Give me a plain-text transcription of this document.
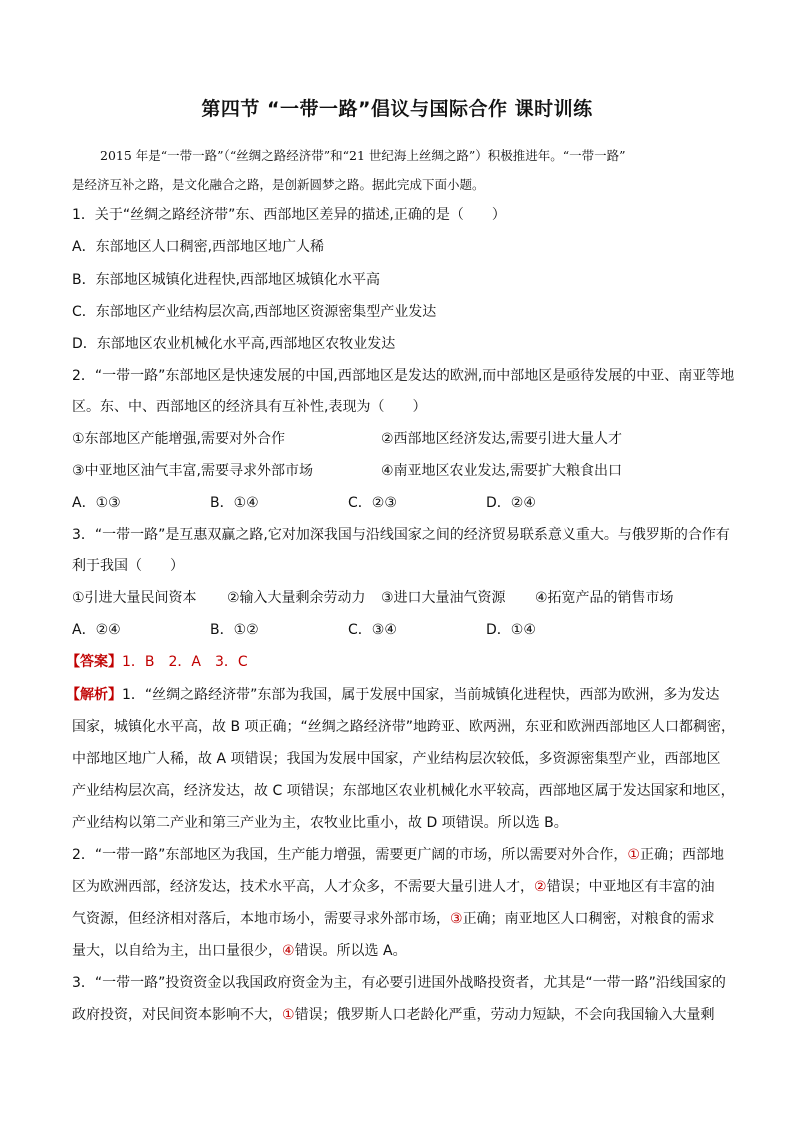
第四节 “一带一路”倡议与国际合作 课时训练
2015 年是“一带一路”（“丝绸之路经济带”和“21 世纪海上丝绸之路”）积极推进年。“一带一路”
是经济互补之路，是文化融合之路，是创新圆梦之路。据此完成下面小题。
1．关于“丝绸之路经济带”东、西部地区差异的描述,正确的是（　　）
A．东部地区人口稠密,西部地区地广人稀
B．东部地区城镇化进程快,西部地区城镇化水平高
C．东部地区产业结构层次高,西部地区资源密集型产业发达
D．东部地区农业机械化水平高,西部地区农牧业发达
2．“一带一路”东部地区是快速发展的中国,西部地区是发达的欧洲,而中部地区是亟待发展的中亚、南亚等地
区。东、中、西部地区的经济具有互补性,表现为（　　）
①东部地区产能增强,需要对外合作	②西部地区经济发达,需要引进大量人才
③中亚地区油气丰富,需要寻求外部市场	④南亚地区农业发达,需要扩大粮食出口
A．①③	B．①④	C．②③	D．②④
3．“一带一路”是互惠双赢之路,它对加深我国与沿线国家之间的经济贸易联系意义重大。与俄罗斯的合作有
利于我国（　　）
①引进大量民间资本 ②输入大量剩余劳动力 ③进口大量油气资源 ④拓宽产品的销售市场
A．②④	B．①②	C．③④	D．①④
【答案】1．B　2．A　3．C
【解析】1．“丝绸之路经济带”东部为我国，属于发展中国家，当前城镇化进程快，西部为欧洲，多为发达
国家，城镇化水平高，故 B 项正确；“丝绸之路经济带”地跨亚、欧两洲，东亚和欧洲西部地区人口都稠密，
中部地区地广人稀，故 A 项错误；我国为发展中国家，产业结构层次较低，多资源密集型产业，西部地区
产业结构层次高，经济发达，故 C 项错误；东部地区农业机械化水平较高，西部地区属于发达国家和地区，
产业结构以第二产业和第三产业为主，农牧业比重小，故 D 项错误。所以选 B。
2．“一带一路”东部地区为我国，生产能力增强，需要更广阔的市场，所以需要对外合作，①正确；西部地
区为欧洲西部，经济发达，技术水平高，人才众多，不需要大量引进人才，②错误；中亚地区有丰富的油
气资源，但经济相对落后，本地市场小，需要寻求外部市场，③正确；南亚地区人口稠密，对粮食的需求
量大，以自给为主，出口量很少，④错误。所以选 A。
3．“一带一路”投资资金以我国政府资金为主，有必要引进国外战略投资者，尤其是“一带一路”沿线国家的
政府投资，对民间资本影响不大，①错误；俄罗斯人口老龄化严重，劳动力短缺，不会向我国输入大量剩
